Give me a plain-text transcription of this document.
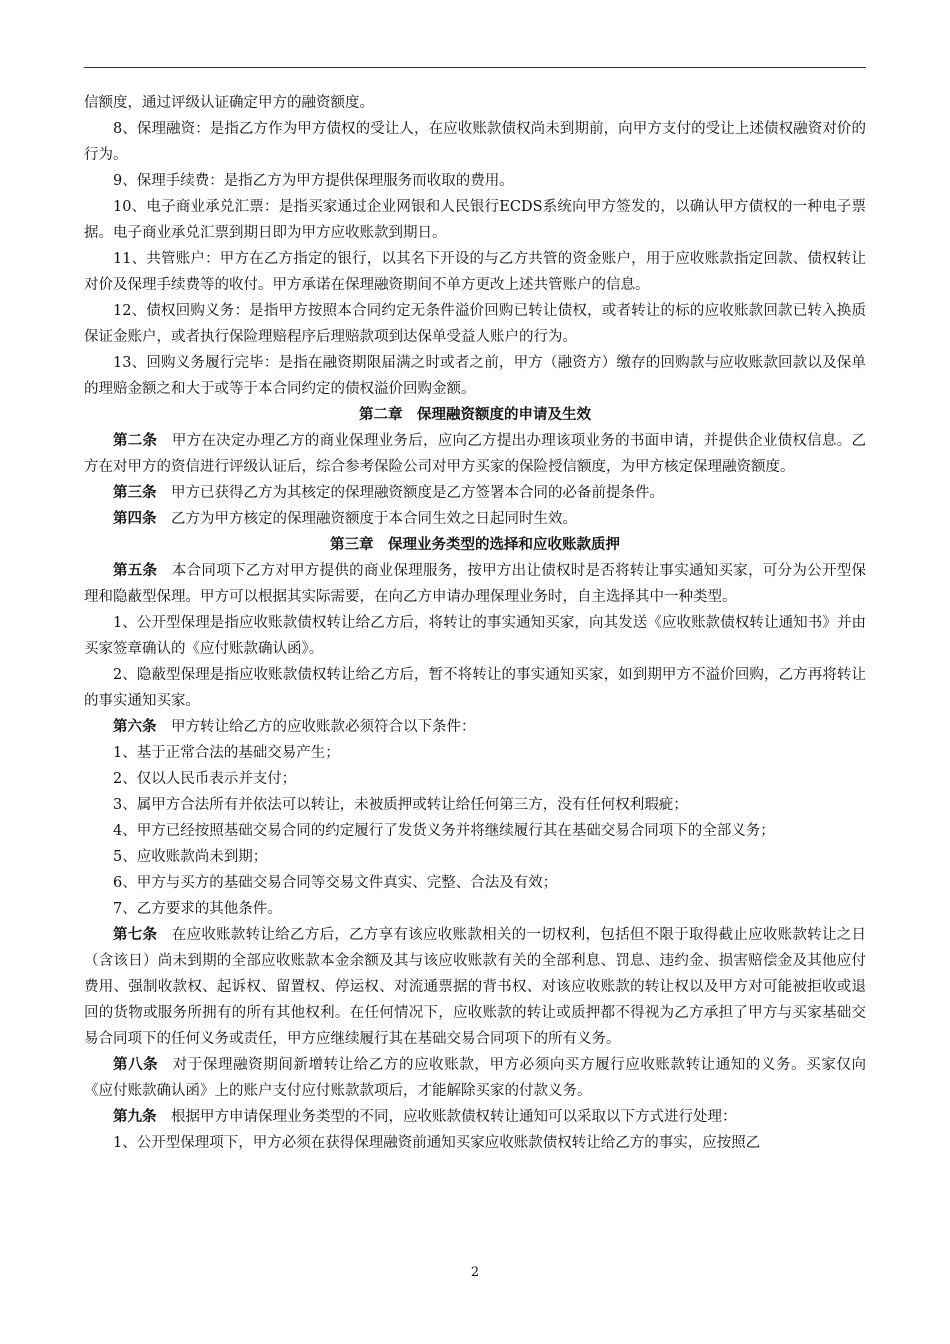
信额度，通过评级认证确定甲方的融资额度。

8、保理融资：是指乙方作为甲方债权的受让人，在应收账款债权尚未到期前，向甲方支付的受让上述债权融资对价的行为。

9、保理手续费：是指乙方为甲方提供保理服务而收取的费用。

10、电子商业承兑汇票：是指买家通过企业网银和人民银行ECDS系统向甲方签发的，以确认甲方债权的一种电子票据。电子商业承兑汇票到期日即为甲方应收账款到期日。

11、共管账户：甲方在乙方指定的银行，以其名下开设的与乙方共管的资金账户，用于应收账款指定回款、债权转让对价及保理手续费等的收付。甲方承诺在保理融资期间不单方更改上述共管账户的信息。

12、债权回购义务：是指甲方按照本合同约定无条件溢价回购已转让债权，或者转让的标的应收账款回款已转入换质保证金账户，或者执行保险理赔程序后理赔款项到达保单受益人账户的行为。

13、回购义务履行完毕：是指在融资期限届满之时或者之前，甲方（融资方）缴存的回购款与应收账款回款以及保单的理赔金额之和大于或等于本合同约定的债权溢价回购金额。

第二章　保理融资额度的申请及生效

第二条 甲方在决定办理乙方的商业保理业务后，应向乙方提出办理该项业务的书面申请，并提供企业债权信息。乙方在对甲方的资信进行评级认证后，综合参考保险公司对甲方买家的保险授信额度，为甲方核定保理融资额度。

第三条 甲方已获得乙方为其核定的保理融资额度是乙方签署本合同的必备前提条件。

第四条 乙方为甲方核定的保理融资额度于本合同生效之日起同时生效。

第三章　保理业务类型的选择和应收账款质押

第五条 本合同项下乙方对甲方提供的商业保理服务，按甲方出让债权时是否将转让事实通知买家，可分为公开型保理和隐蔽型保理。甲方可以根据其实际需要，在向乙方申请办理保理业务时，自主选择其中一种类型。

1、公开型保理是指应收账款债权转让给乙方后，将转让的事实通知买家，向其发送《应收账款债权转让通知书》并由买家签章确认的《应付账款确认函》。

2、隐蔽型保理是指应收账款债权转让给乙方后，暂不将转让的事实通知买家，如到期甲方不溢价回购，乙方再将转让的事实通知买家。

第六条 甲方转让给乙方的应收账款必须符合以下条件：

1、基于正常合法的基础交易产生；

2、仅以人民币表示并支付；

3、属甲方合法所有并依法可以转让，未被质押或转让给任何第三方，没有任何权利瑕疵；

4、甲方已经按照基础交易合同的约定履行了发货义务并将继续履行其在基础交易合同项下的全部义务；

5、应收账款尚未到期；

6、甲方与买方的基础交易合同等交易文件真实、完整、合法及有效；

7、乙方要求的其他条件。

第七条 在应收账款转让给乙方后，乙方享有该应收账款相关的一切权利，包括但不限于取得截止应收账款转让之日（含该日）尚未到期的全部应收账款本金余额及其与该应收账款有关的全部利息、罚息、违约金、损害赔偿金及其他应付费用、强制收款权、起诉权、留置权、停运权、对流通票据的背书权、对该应收账款的转让权以及甲方对可能被拒收或退回的货物或服务所拥有的所有其他权利。在任何情况下，应收账款的转让或质押都不得视为乙方承担了甲方与买家基础交易合同项下的任何义务或责任，甲方应继续履行其在基础交易合同项下的所有义务。

第八条 对于保理融资期间新增转让给乙方的应收账款，甲方必须向买方履行应收账款转让通知的义务。买家仅向《应付账款确认函》上的账户支付应付账款款项后，才能解除买家的付款义务。

第九条 根据甲方申请保理业务类型的不同，应收账款债权转让通知可以采取以下方式进行处理：

1、公开型保理项下，甲方必须在获得保理融资前通知买家应收账款债权转让给乙方的事实，应按照乙

2
